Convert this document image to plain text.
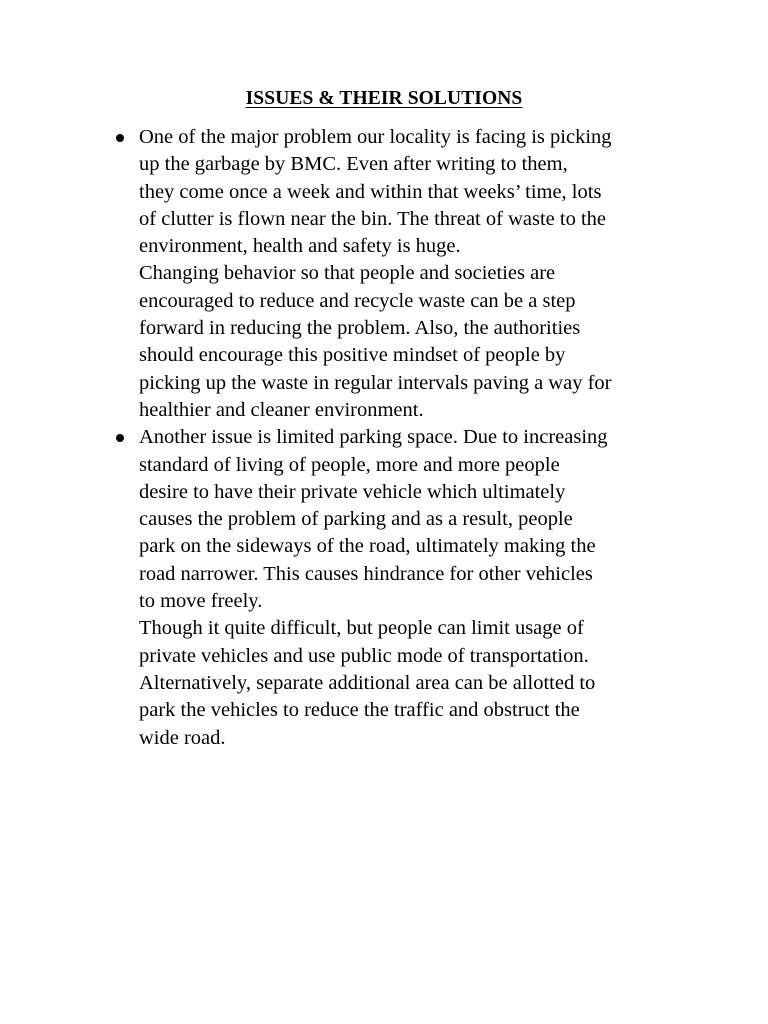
ISSUES & THEIR SOLUTIONS

One of the major problem our locality is facing is picking
up the garbage by BMC. Even after writing to them,
they come once a week and within that weeks’ time, lots
of clutter is flown near the bin. The threat of waste to the
environment, health and safety is huge.

Changing behavior so that people and societies are
encouraged to reduce and recycle waste can be a step
forward in reducing the problem. Also, the authorities
should encourage this positive mindset of people by
picking up the waste in regular intervals paving a way for
healthier and cleaner environment.

Another issue is limited parking space. Due to increasing
standard of living of people, more and more people
desire to have their private vehicle which ultimately
causes the problem of parking and as a result, people
park on the sideways of the road, ultimately making the
road narrower. This causes hindrance for other vehicles
to move freely.

Though it quite difficult, but people can limit usage of
private vehicles and use public mode of transportation.
Alternatively, separate additional area can be allotted to
park the vehicles to reduce the traffic and obstruct the
wide road.
